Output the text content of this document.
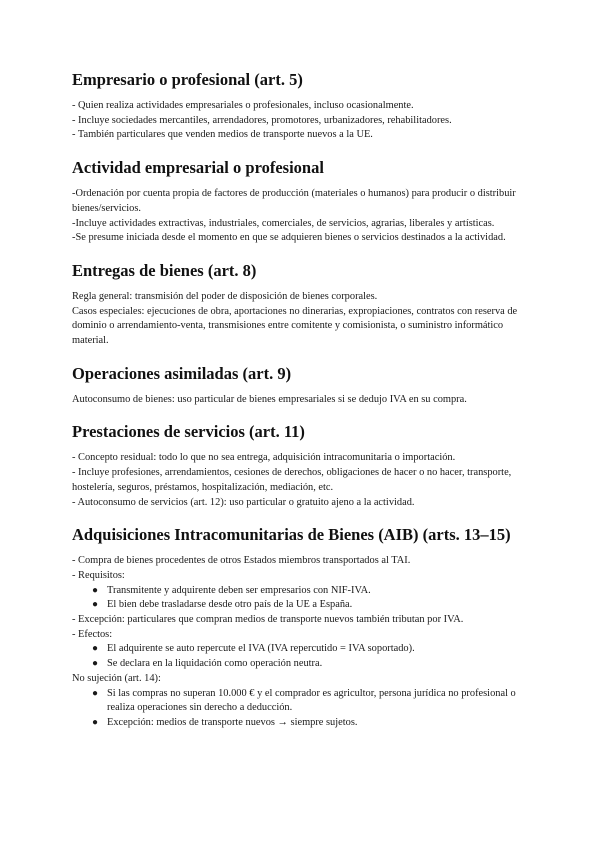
Empresario o profesional (art. 5)

- Quien realiza actividades empresariales o profesionales, incluso ocasionalmente.

- Incluye sociedades mercantiles, arrendadores, promotores, urbanizadores, rehabilitadores.

- También particulares que venden medios de transporte nuevos a la UE.

Actividad empresarial o profesional

-Ordenación por cuenta propia de factores de producción (materiales o humanos) para producir o distribuir bienes/servicios.

-Incluye actividades extractivas, industriales, comerciales, de servicios, agrarias, liberales y artísticas.

-Se presume iniciada desde el momento en que se adquieren bienes o servicios destinados a la actividad.

Entregas de bienes (art. 8)

Regla general: transmisión del poder de disposición de bienes corporales.

Casos especiales: ejecuciones de obra, aportaciones no dinerarias, expropiaciones, contratos con reserva de dominio o arrendamiento-venta, transmisiones entre comitente y comisionista, o suministro informático material.

Operaciones asimiladas (art. 9)

Autoconsumo de bienes: uso particular de bienes empresariales si se dedujo IVA en su compra.

Prestaciones de servicios (art. 11)

- Concepto residual: todo lo que no sea entrega, adquisición intracomunitaria o importación.

- Incluye profesiones, arrendamientos, cesiones de derechos, obligaciones de hacer o no hacer, transporte, hostelería, seguros, préstamos, hospitalización, mediación, etc.

- Autoconsumo de servicios (art. 12): uso particular o gratuito ajeno a la actividad.

Adquisiciones Intracomunitarias de Bienes (AIB) (arts. 13–15)

- Compra de bienes procedentes de otros Estados miembros transportados al TAI.

- Requisitos:

● Transmitente y adquirente deben ser empresarios con NIF-IVA.
● El bien debe trasladarse desde otro país de la UE a España.

- Excepción: particulares que compran medios de transporte nuevos también tributan por IVA.

- Efectos:

● El adquirente se auto repercute el IVA (IVA repercutido = IVA soportado).
● Se declara en la liquidación como operación neutra.

No sujeción (art. 14):

● Si las compras no superan 10.000 € y el comprador es agricultor, persona jurídica no profesional o realiza operaciones sin derecho a deducción.
● Excepción: medios de transporte nuevos → siempre sujetos.
